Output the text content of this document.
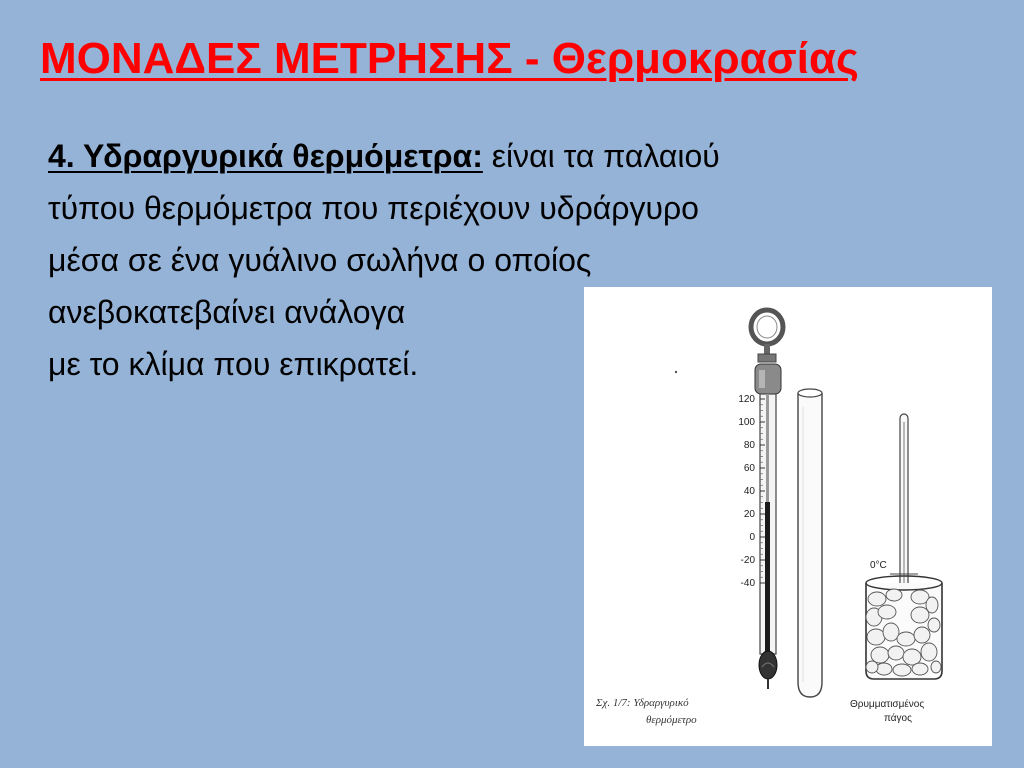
ΜΟΝΑΔΕΣ ΜΕΤΡΗΣΗΣ - Θερμοκρασίας
4. Υδραργυρικά θερμόμετρα: είναι τα παλαιού
τύπου θερμόμετρα που περιέχουν υδράργυρο
μέσα σε ένα γυάλινο σωλήνα ο οποίος
ανεβοκατεβαίνει ανάλογα
με το κλίμα που επικρατεί.
120
100
80
60
40
20
0
-20
-40
0°C
Σχ. 1/7: Υδραργυρικό
θερμόμετρο
Θρυμματισμένος
πάγος
